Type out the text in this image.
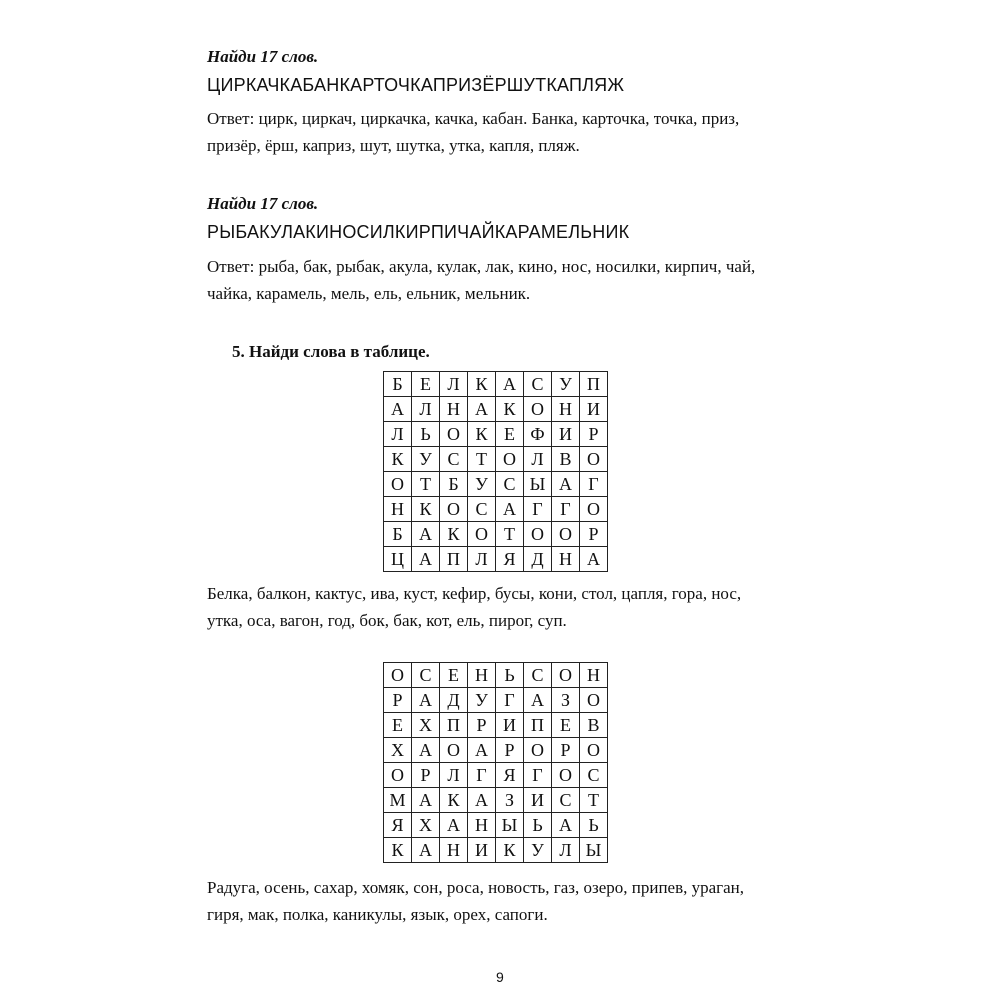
Найди 17 слов.
ЦИРКАЧКАБАНКАРТОЧКАПРИЗЁРШУТКАПЛЯЖ
Ответ: цирк, циркач, циркачка, качка, кабан. Банка, карточка, точка, приз,
призёр, ёрш, каприз, шут, шутка, утка, капля, пляж.
Найди 17 слов.
РЫБАКУЛАКИНОСИЛКИРПИЧАЙКАРАМЕЛЬНИК
Ответ: рыба, бак, рыбак, акула, кулак, лак, кино, нос, носилки, кирпич, чай,
чайка, карамель, мель, ель, ельник, мельник.
5. Найди слова в таблице.
Б	Е	Л	К	А	С	У	П
А	Л	Н	А	К	О	Н	И
Л	Ь	О	К	Е	Ф	И	Р
К	У	С	Т	О	Л	В	О
О	Т	Б	У	С	Ы	А	Г
Н	К	О	С	А	Г	Г	О
Б	А	К	О	Т	О	О	Р
Ц	А	П	Л	Я	Д	Н	А
Белка, балкон, кактус, ива, куст, кефир, бусы, кони, стол, цапля, гора, нос,
утка, оса, вагон, год, бок, бак, кот, ель, пирог, суп.
О	С	Е	Н	Ь	С	О	Н
Р	А	Д	У	Г	А	З	О
Е	Х	П	Р	И	П	Е	В
Х	А	О	А	Р	О	Р	О
О	Р	Л	Г	Я	Г	О	С
М	А	К	А	З	И	С	Т
Я	Х	А	Н	Ы	Ь	А	Ь
К	А	Н	И	К	У	Л	Ы
Радуга, осень, сахар, хомяк, сон, роса, новость, газ, озеро, припев, ураган,
гиря, мак, полка, каникулы, язык, орех, сапоги.
9
